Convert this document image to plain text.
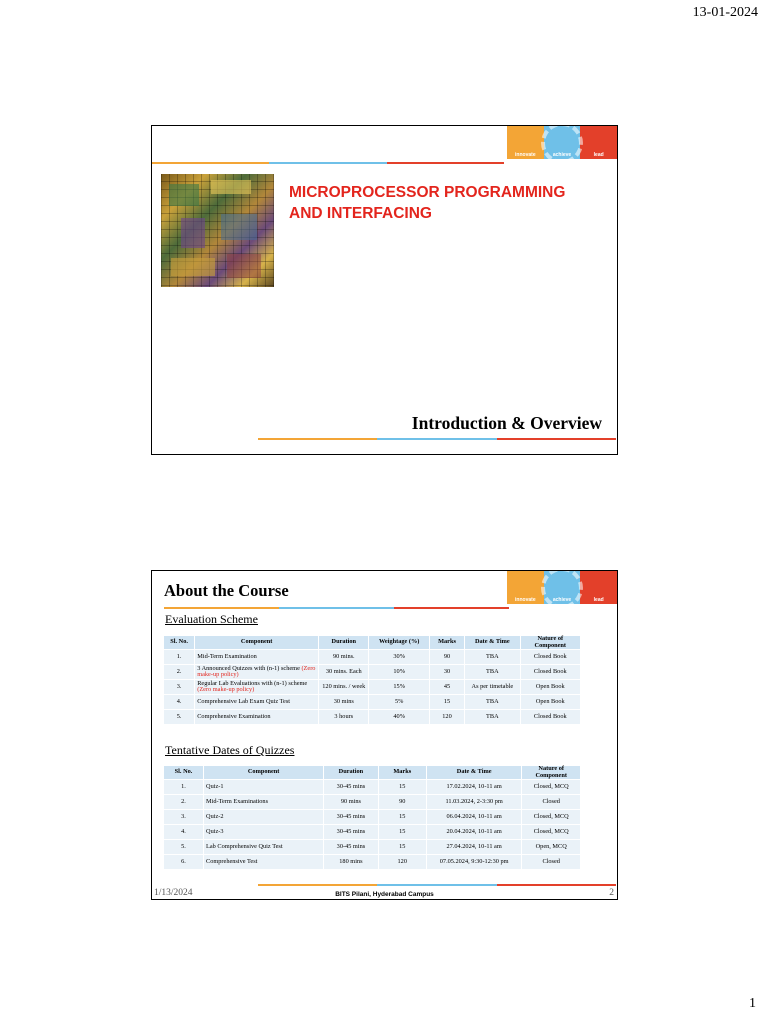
13-01-2024
innovate	achieve	lead
MICROPROCESSOR PROGRAMMING
AND INTERFACING
Introduction & Overview
innovate	achieve	lead
About the Course
Evaluation Scheme
Sl. No.	Component	Duration	Weightage (%)	Marks	Date & Time	Nature of Component
1.	Mid-Term Examination	90 mins.	30%	90	TBA	Closed Book
2.	3 Announced Quizzes with (n-1) scheme (Zero make-up policy)	30 mins. Each	10%	30	TBA	Closed Book
3.	Regular Lab Evaluations with (n-1) scheme (Zero make-up policy)	120 mins. / week	15%	45	As per timetable	Open Book
4.	Comprehensive Lab Exam Quiz Test	30 mins	5%	15	TBA	Open Book
5.	Comprehensive Examination	3 hours	40%	120	TBA	Closed Book
Tentative Dates of Quizzes
Sl. No.	Component	Duration	Marks	Date & Time	Nature of Component
1.	Quiz-1	30-45 mins	15	17.02.2024, 10-11 am	Closed, MCQ
2.	Mid-Term Examinations	90 mins	90	11.03.2024, 2-3:30 pm	Closed
3.	Quiz-2	30-45 mins	15	06.04.2024, 10-11 am	Closed, MCQ
4.	Quiz-3	30-45 mins	15	20.04.2024, 10-11 am	Closed, MCQ
5.	Lab Comprehensive Quiz Test	30-45 mins	15	27.04.2024, 10-11 am	Open, MCQ
6.	Comprehensive Test	180 mins	120	07.05.2024, 9:30-12:30 pm	Closed
1/13/2024	BITS Pilani, Hyderabad Campus	2
1
